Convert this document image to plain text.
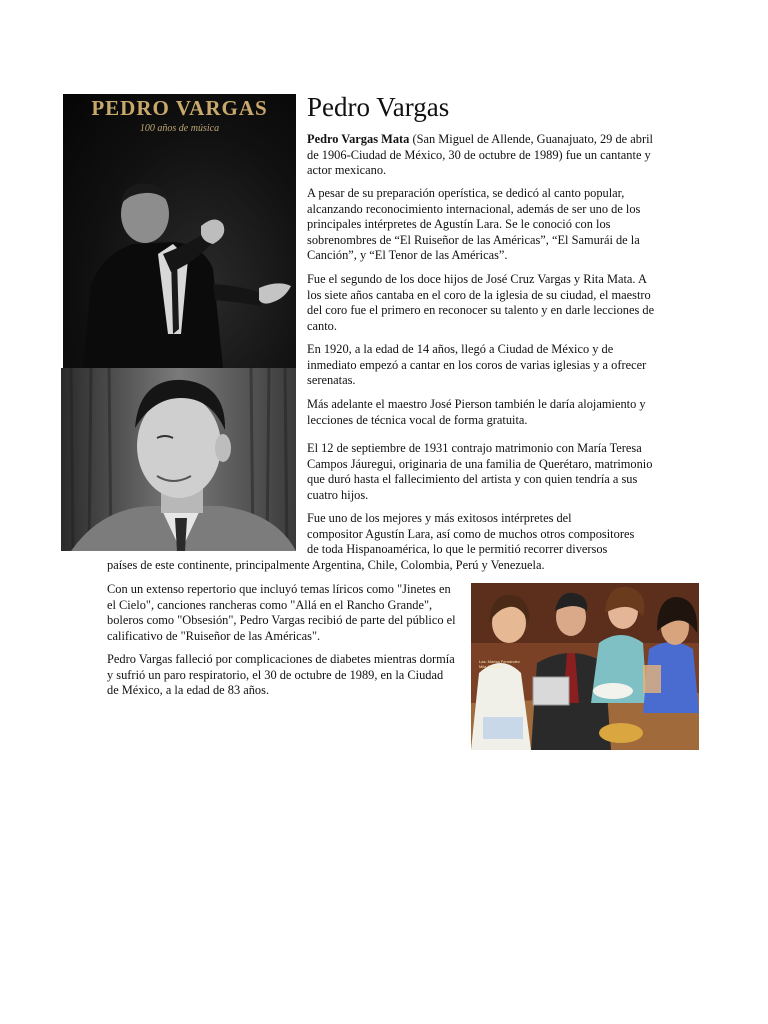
PEDRO VARGAS
100 años de música
Las: Marisa Fernández
Mila Clemente
Pedro Vargas

Pedro Vargas Mata (San Miguel de Allende, Guanajuato, 29 de abril de 1906-Ciudad de México, 30 de octubre de 1989) fue un cantante y actor mexicano.

A pesar de su preparación operística, se dedicó al canto popular, alcanzando reconocimiento internacional, además de ser uno de los principales intérpretes de Agustín Lara. Se le conoció con los sobrenombres de “El Ruiseñor de las Américas”, “El Samurái de la Canción”, y “El Tenor de las Américas”.

Fue el segundo de los doce hijos de José Cruz Vargas y Rita Mata. A los siete años cantaba en el coro de la iglesia de su ciudad, el maestro del coro fue el primero en reconocer su talento y en darle lecciones de canto.

En 1920, a la edad de 14 años, llegó a Ciudad de México y de inmediato empezó a cantar en los coros de varias iglesias y a ofrecer serenatas.

Más adelante el maestro José Pierson también le daría alojamiento y lecciones de técnica vocal de forma gratuita.

El 12 de septiembre de 1931 contrajo matrimonio con María Teresa Campos Jáuregui, originaria de una familia de Querétaro, matrimonio que duró hasta el fallecimiento del artista y con quien tendría a sus cuatro hijos.

Fue uno de los mejores y más exitosos intérpretes del
compositor Agustín Lara, así como de muchos otros compositores
de toda Hispanoamérica, lo que le permitió recorrer diversos
países de este continente, principalmente Argentina, Chile, Colombia, Perú y Venezuela.

Con un extenso repertorio que incluyó temas líricos como "Jinetes en el Cielo", canciones rancheras como "Allá en el Rancho Grande", boleros como "Obsesión", Pedro Vargas recibió de parte del público el calificativo de "Ruiseñor de las Américas".

Pedro Vargas falleció por complicaciones de diabetes mientras dormía y sufrió un paro respiratorio, el 30 de octubre de 1989, en la Ciudad de México, a la edad de 83 años.
